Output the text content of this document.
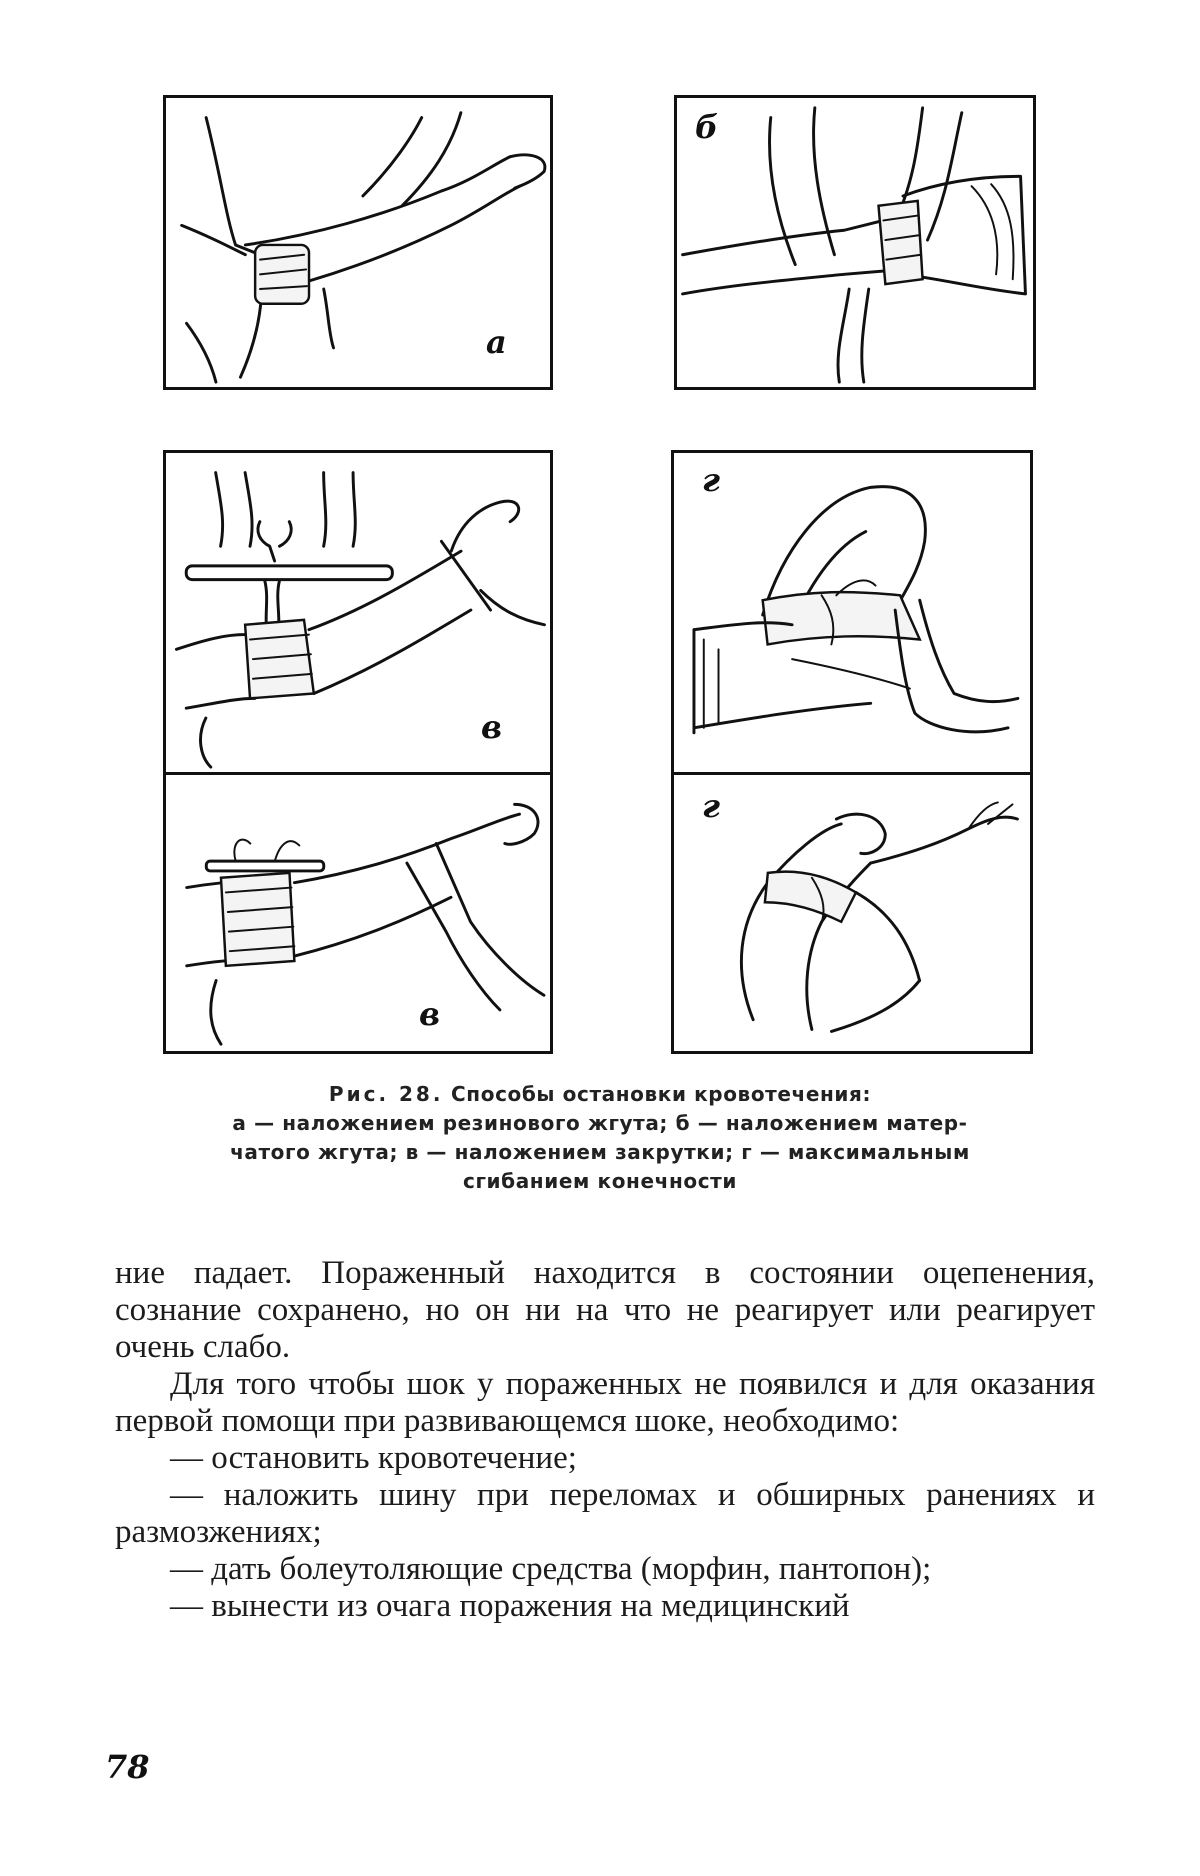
а
б
в
г
в
г
Рис. 28. Способы остановки кровотечения:
а — наложением резинового жгута; б — наложением матер-
чатого жгута; в — наложением закрутки; г — максимальным
сгибанием конечности

ние падает. Пораженный находится в состоянии оцепенения, сознание сохранено, но он ни на что не реагирует или реагирует очень слабо.

Для того чтобы шок у пораженных не появился и для оказания первой помощи при развивающемся шоке, необходимо:

— остановить кровотечение;

— наложить шину при переломах и обширных ранениях и размозжениях;

— дать болеутоляющие средства (морфин, пантопон);

— вынести из очага поражения на медицинский

78
